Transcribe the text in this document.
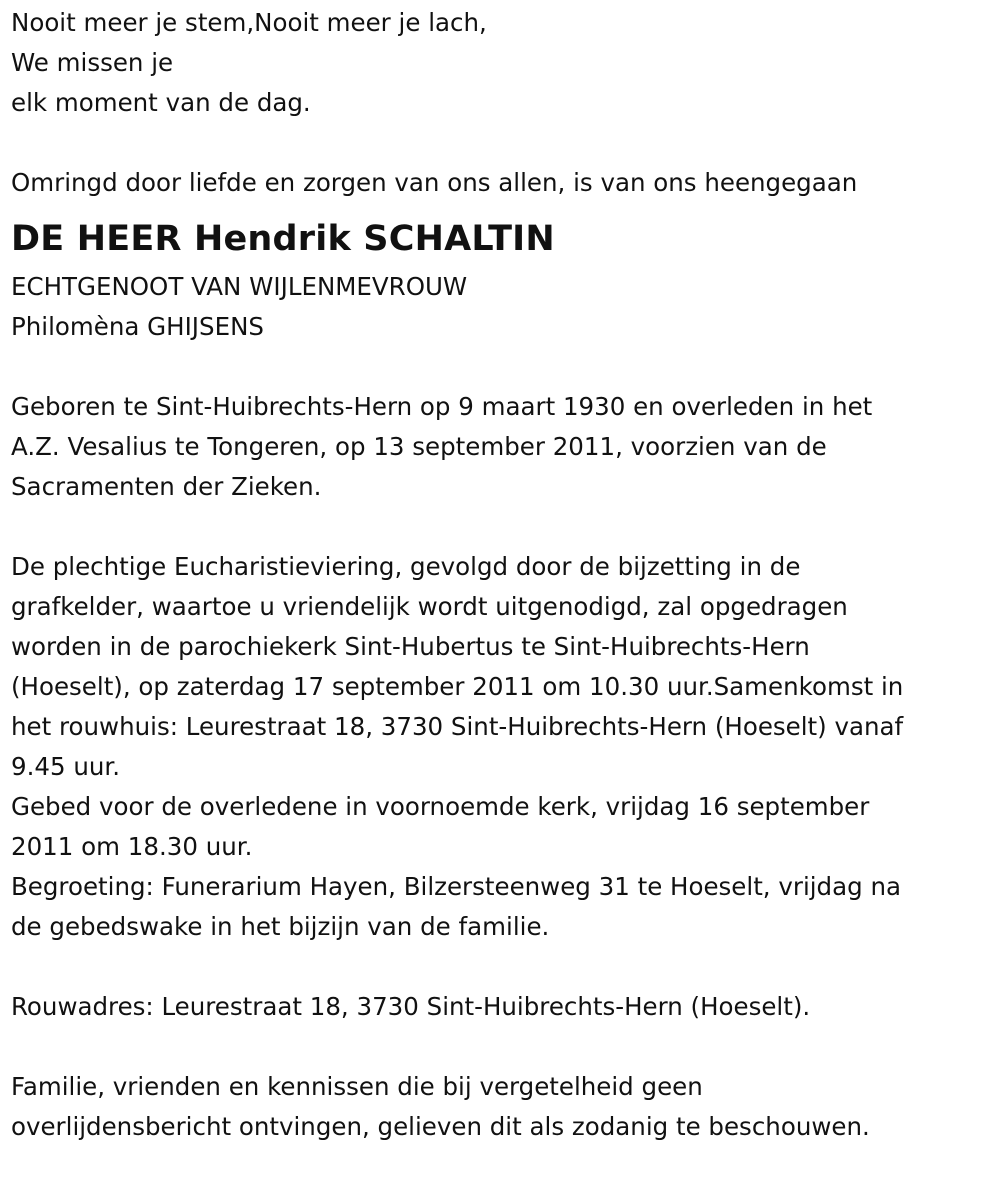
Nooit meer je stem,Nooit meer je lach,
We missen je
elk moment van de dag.
Omringd door liefde en zorgen van ons allen, is van ons heengegaan
DE HEER Hendrik SCHALTIN
ECHTGENOOT VAN WIJLENMEVROUW
Philomèna GHIJSENS
Geboren te Sint-Huibrechts-Hern op 9 maart 1930 en overleden in het
A.Z. Vesalius te Tongeren, op 13 september 2011, voorzien van de
Sacramenten der Zieken.
De plechtige Eucharistieviering, gevolgd door de bijzetting in de
grafkelder, waartoe u vriendelijk wordt uitgenodigd, zal opgedragen
worden in de parochiekerk Sint-Hubertus te Sint-Huibrechts-Hern
(Hoeselt), op zaterdag 17 september 2011 om 10.30 uur.Samenkomst in
het rouwhuis: Leurestraat 18, 3730 Sint-Huibrechts-Hern (Hoeselt) vanaf
9.45 uur.
Gebed voor de overledene in voornoemde kerk, vrijdag 16 september
2011 om 18.30 uur.
Begroeting: Funerarium Hayen, Bilzersteenweg 31 te Hoeselt, vrijdag na
de gebedswake in het bijzijn van de familie.
Rouwadres: Leurestraat 18, 3730 Sint-Huibrechts-Hern (Hoeselt).
Familie, vrienden en kennissen die bij vergetelheid geen
overlijdensbericht ontvingen, gelieven dit als zodanig te beschouwen.
